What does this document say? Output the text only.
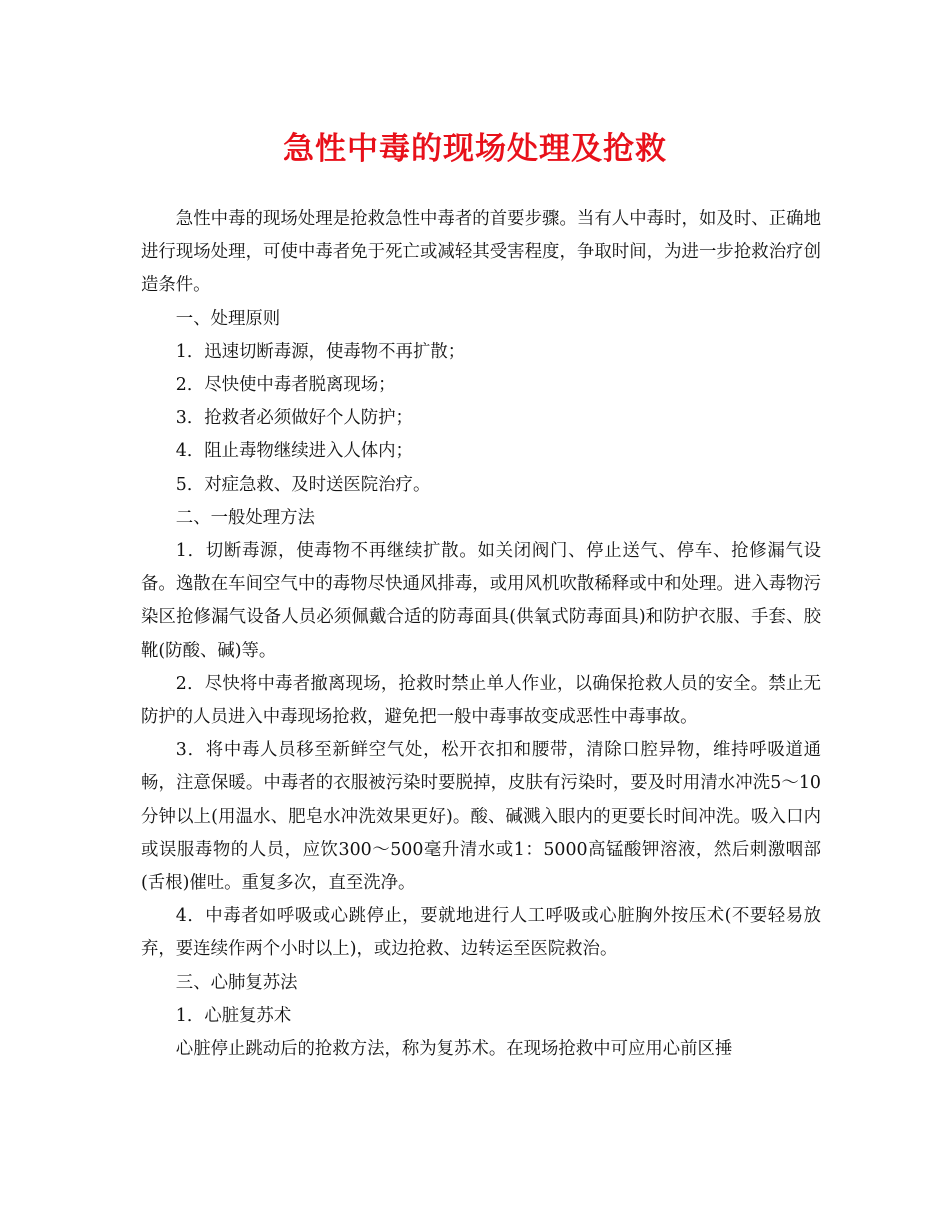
急性中毒的现场处理及抢救

急性中毒的现场处理是抢救急性中毒者的首要步骤。当有人中毒时，如及时、正确地进行现场处理，可使中毒者免于死亡或减轻其受害程度，争取时间，为进一步抢救治疗创造条件。

一、处理原则

1．迅速切断毒源，使毒物不再扩散；

2．尽快使中毒者脱离现场；

3．抢救者必须做好个人防护；

4．阻止毒物继续进入人体内；

5．对症急救、及时送医院治疗。

二、一般处理方法

1．切断毒源，使毒物不再继续扩散。如关闭阀门、停止送气、停车、抢修漏气设备。逸散在车间空气中的毒物尽快通风排毒，或用风机吹散稀释或中和处理。进入毒物污染区抢修漏气设备人员必须佩戴合适的防毒面具(供氧式防毒面具)和防护衣服、手套、胶靴(防酸、碱)等。

2．尽快将中毒者撤离现场，抢救时禁止单人作业，以确保抢救人员的安全。禁止无防护的人员进入中毒现场抢救，避免把一般中毒事故变成恶性中毒事故。

3．将中毒人员移至新鲜空气处，松开衣扣和腰带，清除口腔异物，维持呼吸道通畅，注意保暖。中毒者的衣服被污染时要脱掉，皮肤有污染时，要及时用清水冲洗5～10分钟以上(用温水、肥皂水冲洗效果更好)。酸、碱溅入眼内的更要长时间冲洗。吸入口内或误服毒物的人员，应饮300～500毫升清水或1：5000高锰酸钾溶液，然后刺激咽部(舌根)催吐。重复多次，直至洗净。

4．中毒者如呼吸或心跳停止，要就地进行人工呼吸或心脏胸外按压术(不要轻易放弃，要连续作两个小时以上)，或边抢救、边转运至医院救治。

三、心肺复苏法

1．心脏复苏术

心脏停止跳动后的抢救方法，称为复苏术。在现场抢救中可应用心前区捶
